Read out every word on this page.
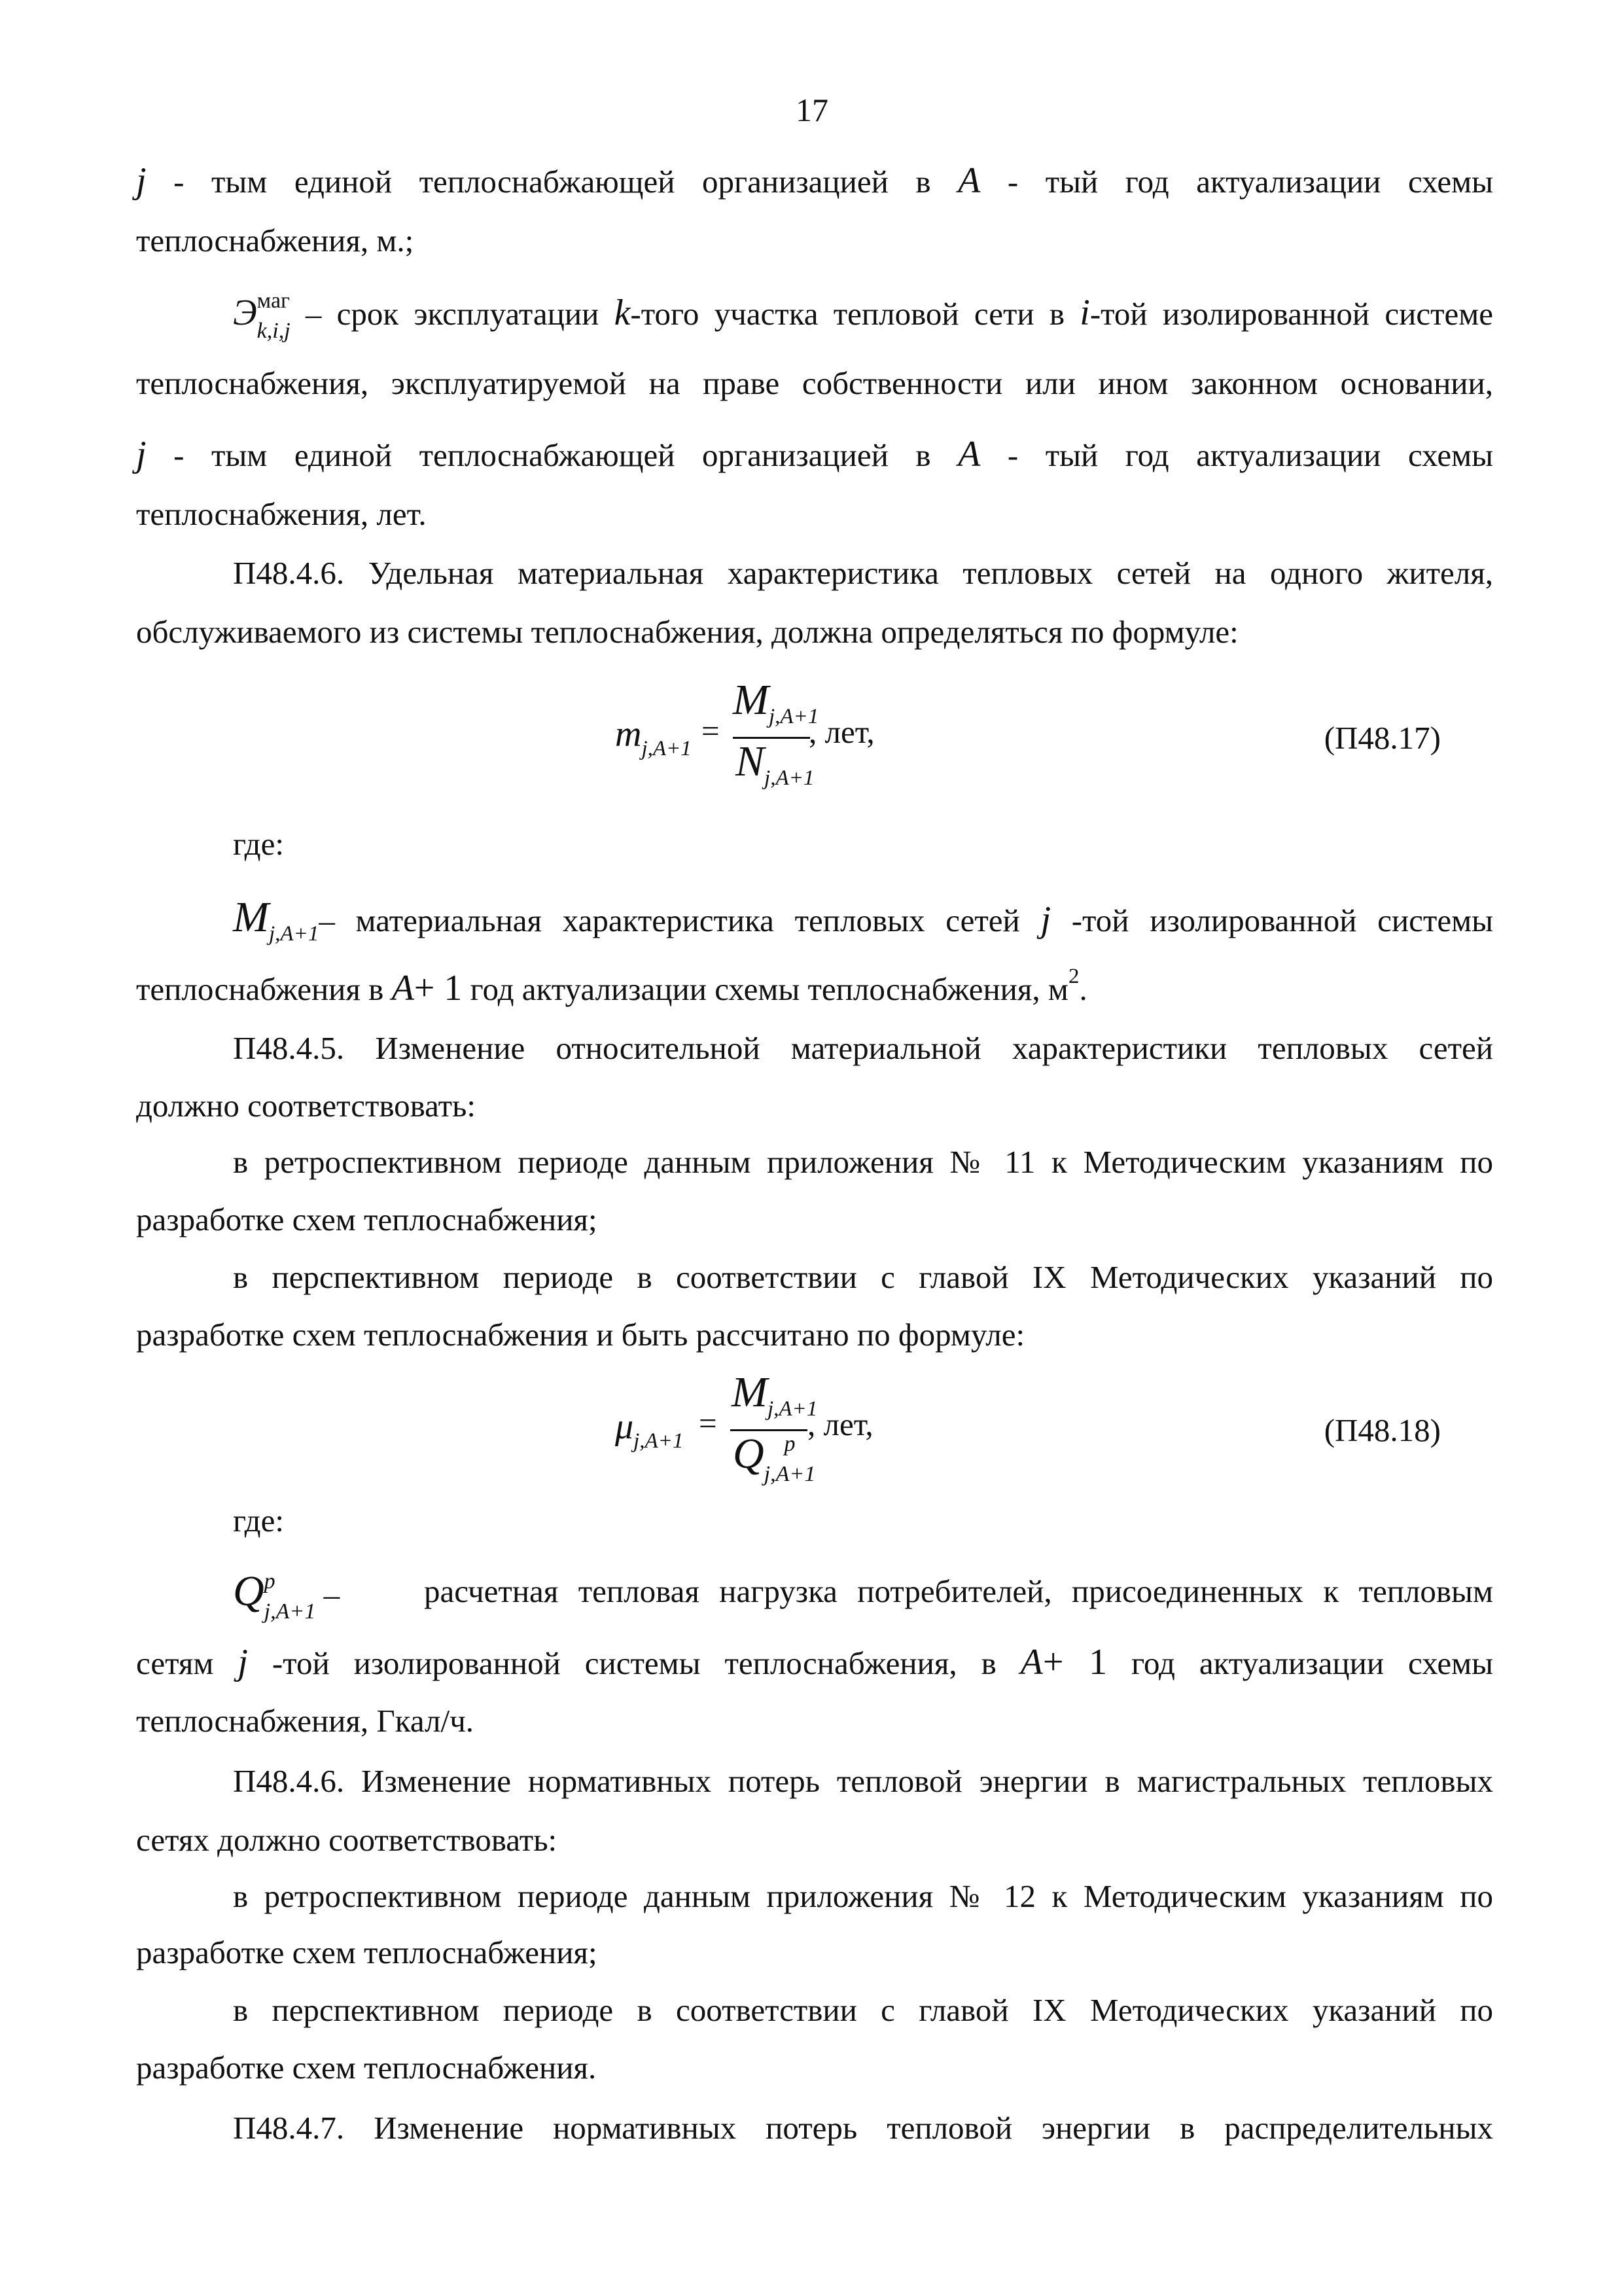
17
j - тым единой теплоснабжающей организацией в A - тый год актуализации схемы
теплоснабжения, м.;
Э маг
k,i,j – срок эксплуатации k-того участка тепловой сети в i-той изолированной системе
теплоснабжения, эксплуатируемой на праве собственности или ином законном основании,
j - тым единой теплоснабжающей организацией в A - тый год актуализации схемы
теплоснабжения, лет.
П48.4.6. Удельная материальная характеристика тепловых сетей на одного жителя,
обслуживаемого из системы теплоснабжения, должна определяться по формуле:
$m_{j,A+1}$ =
$M_{j,A+1}$
$N_{j,A+1}$
, лет,	(П48.17)
где:
$M_{j,A+1}-$ материальная характеристика тепловых сетей j -той изолированной системы
теплоснабжения в A+ 1 год актуализации схемы теплоснабжения, $м^2$.
П48.4.5. Изменение относительной материальной характеристики тепловых сетей
должно соответствовать:
в ретроспективном периоде данным приложения № 11 к Методическим указаниям по
разработке схем теплоснабжения;
в перспективном периоде в соответствии с главой IX Методических указаний по
разработке схем теплоснабжения и быть рассчитано по формуле:
$\mu_{j,A+1}$ =
$M_{j,A+1}$
Q p
j,A+1
, лет,	(П48.18)
где:
Q p
j,A+1 –	расчетная тепловая нагрузка потребителей, присоединенных к тепловым
сетям j -той изолированной системы теплоснабжения, в A+ 1 год актуализации схемы
теплоснабжения, Гкал/ч.
П48.4.6. Изменение нормативных потерь тепловой энергии в магистральных тепловых
сетях должно соответствовать:
в ретроспективном периоде данным приложения № 12 к Методическим указаниям по
разработке схем теплоснабжения;
в перспективном периоде в соответствии с главой IX Методических указаний по
разработке схем теплоснабжения.
П48.4.7. Изменение нормативных потерь тепловой энергии в распределительных
